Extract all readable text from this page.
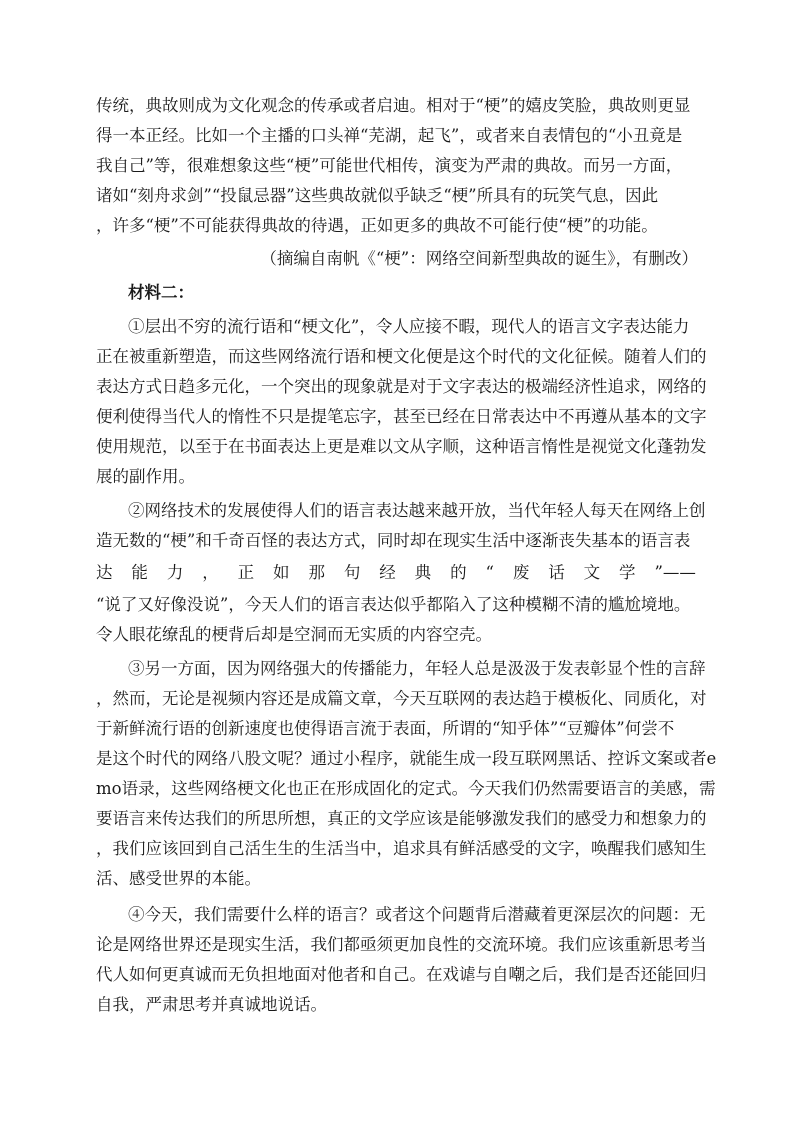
传统，典故则成为文化观念的传承或者启迪。相对于“梗”的嬉皮笑脸，典故则更显
得一本正经。比如一个主播的口头禅“芜湖，起飞”，或者来自表情包的“小丑竟是
我自己”等，很难想象这些“梗”可能世代相传，演变为严肃的典故。而另一方面，
诸如“刻舟求剑”“投鼠忌器”这些典故就似乎缺乏“梗”所具有的玩笑气息，因此
，许多“梗”不可能获得典故的待遇，正如更多的典故不可能行使“梗”的功能。
（摘编自南帆《“梗”：网络空间新型典故的诞生》，有删改）
材料二：
①层出不穷的流行语和“梗文化”，令人应接不暇，现代人的语言文字表达能力
正在被重新塑造，而这些网络流行语和梗文化便是这个时代的文化征候。随着人们的
表达方式日趋多元化，一个突出的现象就是对于文字表达的极端经济性追求，网络的
便利使得当代人的惰性不只是提笔忘字，甚至已经在日常表达中不再遵从基本的文字
使用规范，以至于在书面表达上更是难以文从字顺，这种语言惰性是视觉文化蓬勃发
展的副作用。
②网络技术的发展使得人们的语言表达越来越开放，当代年轻人每天在网络上创
造无数的“梗”和千奇百怪的表达方式，同时却在现实生活中逐渐丧失基本的语言表
达 能 力 ， 正 如 那 句 经 典 的 “ 废 话 文 学 ”——
“说了又好像没说”，今天人们的语言表达似乎都陷入了这种模糊不清的尴尬境地。
令人眼花缭乱的梗背后却是空洞而无实质的内容空壳。
③另一方面，因为网络强大的传播能力，年轻人总是汲汲于发表彰显个性的言辞
，然而，无论是视频内容还是成篇文章，今天互联网的表达趋于模板化、同质化，对
于新鲜流行语的创新速度也使得语言流于表面，所谓的“知乎体”“豆瓣体”何尝不
是这个时代的网络八股文呢？通过小程序，就能生成一段互联网黑话、控诉文案或者e
mo语录，这些网络梗文化也正在形成固化的定式。今天我们仍然需要语言的美感，需
要语言来传达我们的所思所想，真正的文学应该是能够激发我们的感受力和想象力的
，我们应该回到自己活生生的生活当中，追求具有鲜活感受的文字，唤醒我们感知生
活、感受世界的本能。
④今天，我们需要什么样的语言？或者这个问题背后潜藏着更深层次的问题：无
论是网络世界还是现实生活，我们都亟须更加良性的交流环境。我们应该重新思考当
代人如何更真诚而无负担地面对他者和自己。在戏谑与自嘲之后，我们是否还能回归
自我，严肃思考并真诚地说话。
